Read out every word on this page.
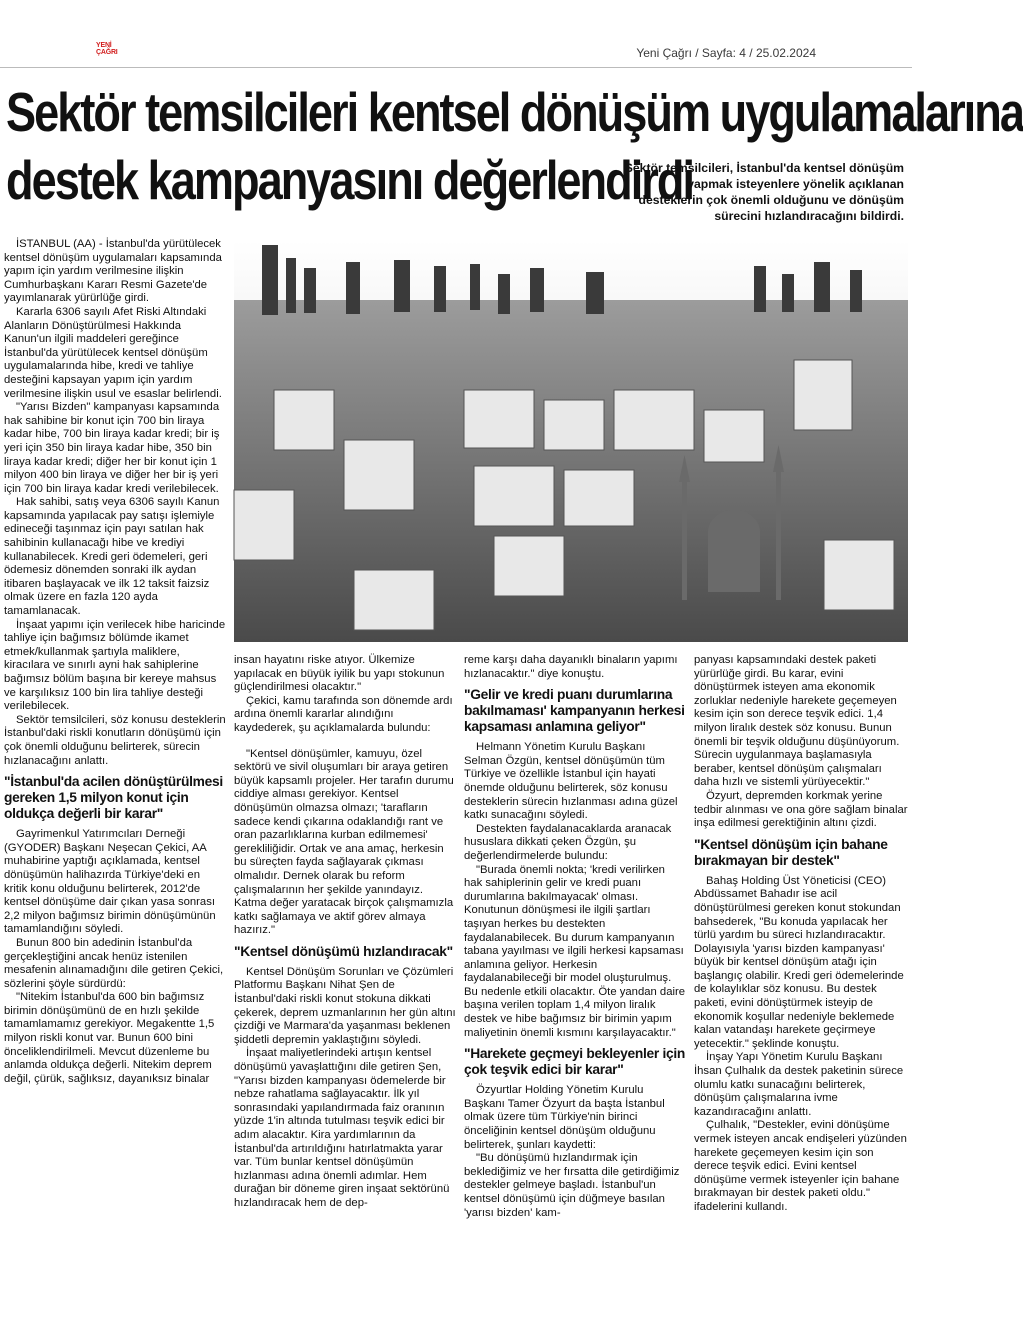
YENİ
ÇAĞRI	Yeni Çağrı / Sayfa: 4 / 25.02.2024
Sektör temsilcileri kentsel dönüşüm uygulamalarına
destek kampanyasını değerlendirdi
Sektör temsilcileri, İstanbul'da kentsel dönüşüm yapmak isteyenlere yönelik açıklanan desteklerin çok önemli olduğunu ve dönüşüm sürecini hızlandıracağını bildirdi.

İSTANBUL (AA) - İstanbul'da yürütülecek kentsel dönüşüm uygulamaları kapsamında yapım için yardım verilmesine ilişkin Cumhurbaşkanı Kararı Resmi Gazete'de yayımlanarak yürürlüğe girdi.

Kararla 6306 sayılı Afet Riski Altındaki Alanların Dönüştürülmesi Hakkında Kanun'un ilgili maddeleri gereğince İstanbul'da yürütülecek kentsel dönüşüm uygulamalarında hibe, kredi ve tahliye desteğini kapsayan yapım için yardım verilmesine ilişkin usul ve esaslar belirlendi.

"Yarısı Bizden" kampanyası kapsamında hak sahibine bir konut için 700 bin liraya kadar hibe, 700 bin liraya kadar kredi; bir iş yeri için 350 bin liraya kadar hibe, 350 bin liraya kadar kredi; diğer her bir konut için 1 milyon 400 bin liraya ve diğer her bir iş yeri için 700 bin liraya kadar kredi verilebilecek.

Hak sahibi, satış veya 6306 sayılı Kanun kapsamında yapılacak pay satışı işlemiyle edineceği taşınmaz için payı satılan hak sahibinin kullanacağı hibe ve krediyi kullanabilecek. Kredi geri ödemeleri, geri ödemesiz dönemden sonraki ilk aydan itibaren başlayacak ve ilk 12 taksit faizsiz olmak üzere en fazla 120 ayda tamamlanacak.

İnşaat yapımı için verilecek hibe haricinde tahliye için bağımsız bölümde ikamet etmek/kullanmak şartıyla maliklere, kiracılara ve sınırlı ayni hak sahiplerine bağımsız bölüm başına bir kereye mahsus ve karşılıksız 100 bin lira tahliye desteği verilebilecek.

Sektör temsilcileri, söz konusu desteklerin İstanbul'daki riskli konutların dönüşümü için çok önemli olduğunu belirterek, sürecin hızlanacağını anlattı.

"İstanbul'da acilen dönüştürülmesi gereken 1,5 milyon konut için oldukça değerli bir karar"

Gayrimenkul Yatırımcıları Derneği (GYODER) Başkanı Neşecan Çekici, AA muhabirine yaptığı açıklamada, kentsel dönüşümün halihazırda Türkiye'deki en kritik konu olduğunu belirterek, 2012'de kentsel dönüşüme dair çıkan yasa sonrası 2,2 milyon bağımsız birimin dönüşümünün tamamlandığını söyledi.

Bunun 800 bin adedinin İstanbul'da gerçekleştiğini ancak henüz istenilen mesafenin alınamadığını dile getiren Çekici, sözlerini şöyle sürdürdü:

"Nitekim İstanbul'da 600 bin bağımsız birimin dönüşümünü de en hızlı şekilde tamamlamamız gerekiyor. Megakentte 1,5 milyon riskli konut var. Bunun 600 bini önceliklendirilmeli. Mevcut düzenleme bu anlamda oldukça değerli. Nitekim deprem değil, çürük, sağlıksız, dayanıksız binalar

insan hayatını riske atıyor. Ülkemize yapılacak en büyük iyilik bu yapı stokunun güçlendirilmesi olacaktır."

Çekici, kamu tarafında son dönemde ardı ardına önemli kararlar alındığını kaydederek, şu açıklamalarda bulundu:

"Kentsel dönüşümler, kamuyu, özel sektörü ve sivil oluşumları bir araya getiren büyük kapsamlı projeler. Her tarafın durumu ciddiye alması gerekiyor. Kentsel dönüşümün olmazsa olmazı; 'tarafların sadece kendi çıkarına odaklandığı rant ve oran pazarlıklarına kurban edilmemesi' gerekliliğidir. Ortak ve ana amaç, herkesin bu süreçten fayda sağlayarak çıkması olmalıdır. Dernek olarak bu reform çalışmalarının her şekilde yanındayız. Katma değer yaratacak birçok çalışmamızla katkı sağlamaya ve aktif görev almaya hazırız."

"Kentsel dönüşümü hızlandıracak"

Kentsel Dönüşüm Sorunları ve Çözümleri Platformu Başkanı Nihat Şen de İstanbul'daki riskli konut stokuna dikkati çekerek, deprem uzmanlarının her gün altını çizdiği ve Marmara'da yaşanması beklenen şiddetli depremin yaklaştığını söyledi.

İnşaat maliyetlerindeki artışın kentsel dönüşümü yavaşlattığını dile getiren Şen, "Yarısı bizden kampanyası ödemelerde bir nebze rahatlama sağlayacaktır. İlk yıl sonrasındaki yapılandırmada faiz oranının yüzde 1'in altında tutulması teşvik edici bir adım alacaktır. Kira yardımlarının da İstanbul'da artırıldığını hatırlatmakta yarar var. Tüm bunlar kentsel dönüşümün hızlanması adına önemli adımlar. Hem durağan bir döneme giren inşaat sektörünü hızlandıracak hem de dep-

reme karşı daha dayanıklı binaların yapımı hızlanacaktır." diye konuştu.

"Gelir ve kredi puanı durumlarına bakılmaması' kampanyanın herkesi kapsaması anlamına geliyor"

Helmann Yönetim Kurulu Başkanı Selman Özgün, kentsel dönüşümün tüm Türkiye ve özellikle İstanbul için hayati önemde olduğunu belirterek, söz konusu desteklerin sürecin hızlanması adına güzel katkı sunacağını söyledi.

Destekten faydalanacaklarda aranacak hususlara dikkati çeken Özgün, şu değerlendirmelerde bulundu:

"Burada önemli nokta; 'kredi verilirken hak sahiplerinin gelir ve kredi puanı durumlarına bakılmayacak' olması. Konutunun dönüşmesi ile ilgili şartları taşıyan herkes bu destekten faydalanabilecek. Bu durum kampanyanın tabana yayılması ve ilgili herkesi kapsaması anlamına geliyor. Herkesin faydalanabileceği bir model oluşturulmuş. Bu nedenle etkili olacaktır. Öte yandan daire başına verilen toplam 1,4 milyon liralık destek ve hibe bağımsız bir birimin yapım maliyetinin önemli kısmını karşılayacaktır."

"Harekete geçmeyi bekleyenler için çok teşvik edici bir karar"

Özyurtlar Holding Yönetim Kurulu Başkanı Tamer Özyurt da başta İstanbul olmak üzere tüm Türkiye'nin birinci önceliğinin kentsel dönüşüm olduğunu belirterek, şunları kaydetti:

"Bu dönüşümü hızlandırmak için beklediğimiz ve her fırsatta dile getirdiğimiz destekler gelmeye başladı. İstanbul'un kentsel dönüşümü için düğmeye basılan 'yarısı bizden' kam-

panyası kapsamındaki destek paketi yürürlüğe girdi. Bu karar, evini dönüştürmek isteyen ama ekonomik zorluklar nedeniyle harekete geçemeyen kesim için son derece teşvik edici. 1,4 milyon liralık destek söz konusu. Bunun önemli bir teşvik olduğunu düşünüyorum. Sürecin uygulanmaya başlamasıyla beraber, kentsel dönüşüm çalışmaları daha hızlı ve sistemli yürüyecektir."

Özyurt, depremden korkmak yerine tedbir alınması ve ona göre sağlam binalar inşa edilmesi gerektiğinin altını çizdi.

"Kentsel dönüşüm için bahane bırakmayan bir destek"

Bahaş Holding Üst Yöneticisi (CEO) Abdüssamet Bahadır ise acil dönüştürülmesi gereken konut stokundan bahsederek, "Bu konuda yapılacak her türlü yardım bu süreci hızlandıracaktır. Dolayısıyla 'yarısı bizden kampanyası' büyük bir kentsel dönüşüm atağı için başlangıç olabilir. Kredi geri ödemelerinde de kolaylıklar söz konusu. Bu destek paketi, evini dönüştürmek isteyip de ekonomik koşullar nedeniyle beklemede kalan vatandaşı harekete geçirmeye yetecektir." şeklinde konuştu.

İnşay Yapı Yönetim Kurulu Başkanı İhsan Çulhalık da destek paketinin sürece olumlu katkı sunacağını belirterek, dönüşüm çalışmalarına ivme kazandıracağını anlattı.

Çulhalık, "Destekler, evini dönüşüme vermek isteyen ancak endişeleri yüzünden harekete geçemeyen kesim için son derece teşvik edici. Evini kentsel dönüşüme vermek isteyenler için bahane bırakmayan bir destek paketi oldu." ifadelerini kullandı.
